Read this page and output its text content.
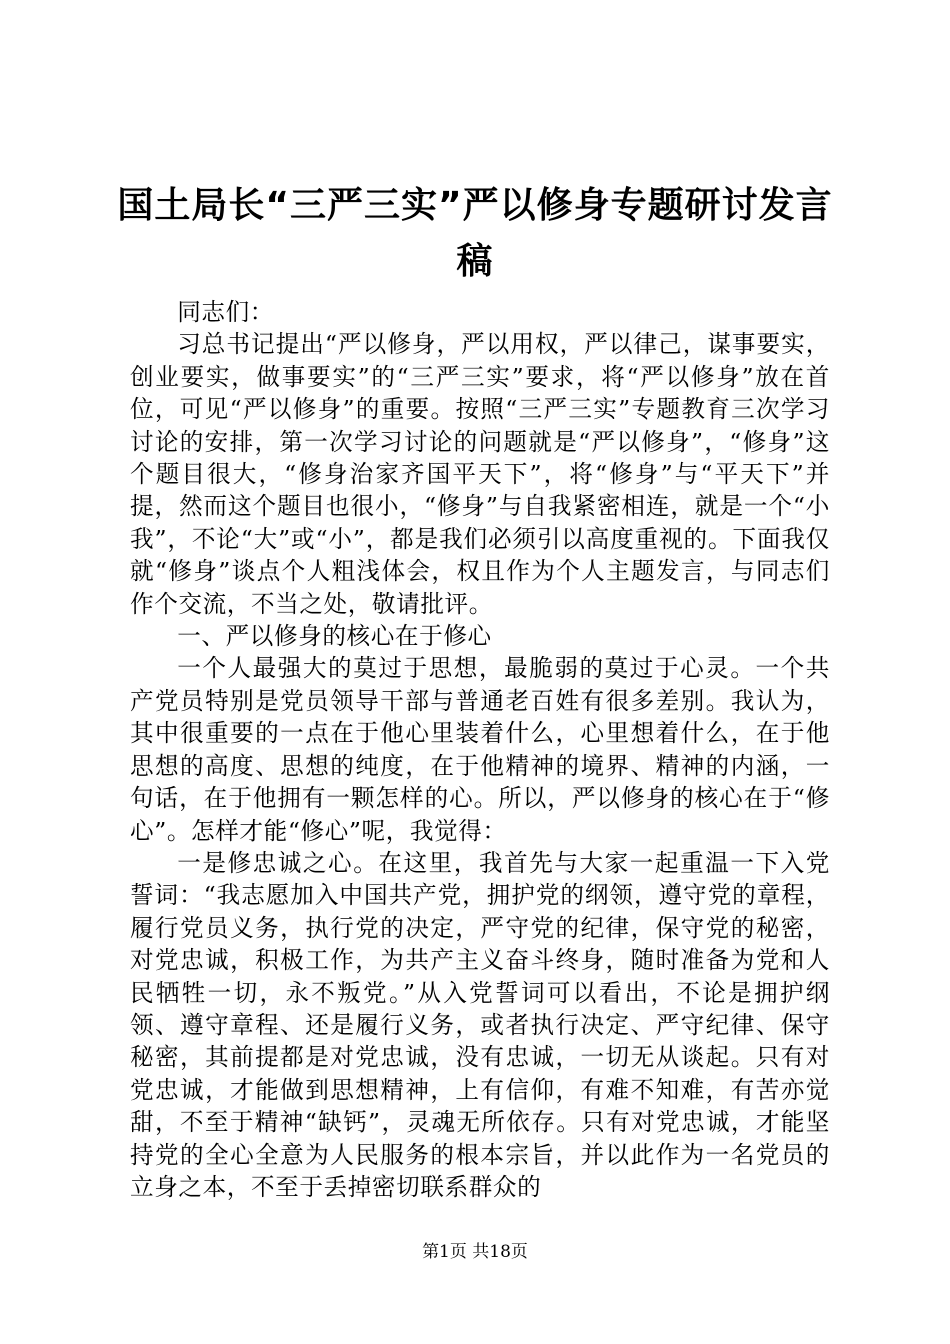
国土局长“三严三实”严以修身专题研讨发言稿

同志们：

习总书记提出“严以修身，严以用权，严以律己，谋事要实，创业要实，做事要实”的“三严三实”要求，将“严以修身”放在首位，可见“严以修身”的重要。按照“三严三实”专题教育三次学习讨论的安排，第一次学习讨论的问题就是“严以修身”，“修身”这个题目很大，“修身治家齐国平天下”，将“修身”与“平天下”并提，然而这个题目也很小，“修身”与自我紧密相连，就是一个“小我”，不论“大”或“小”，都是我们必须引以高度重视的。下面我仅就“修身”谈点个人粗浅体会，权且作为个人主题发言，与同志们作个交流，不当之处，敬请批评。

一、严以修身的核心在于修心

一个人最强大的莫过于思想，最脆弱的莫过于心灵。一个共产党员特别是党员领导干部与普通老百姓有很多差别。我认为，其中很重要的一点在于他心里装着什么，心里想着什么，在于他思想的高度、思想的纯度，在于他精神的境界、精神的内涵，一句话，在于他拥有一颗怎样的心。所以，严以修身的核心在于“修心”。怎样才能“修心”呢，我觉得：

一是修忠诚之心。在这里，我首先与大家一起重温一下入党誓词：“我志愿加入中国共产党，拥护党的纲领，遵守党的章程，履行党员义务，执行党的决定，严守党的纪律，保守党的秘密，对党忠诚，积极工作，为共产主义奋斗终身，随时准备为党和人民牺牲一切，永不叛党。”从入党誓词可以看出，不论是拥护纲领、遵守章程、还是履行义务，或者执行决定、严守纪律、保守秘密，其前提都是对党忠诚，没有忠诚，一切无从谈起。只有对党忠诚，才能做到思想精神，上有信仰，有难不知难，有苦亦觉甜，不至于精神“缺钙”，灵魂无所依存。只有对党忠诚，才能坚持党的全心全意为人民服务的根本宗旨，并以此作为一名党员的立身之本，不至于丢掉密切联系群众的

第1页 共18页
